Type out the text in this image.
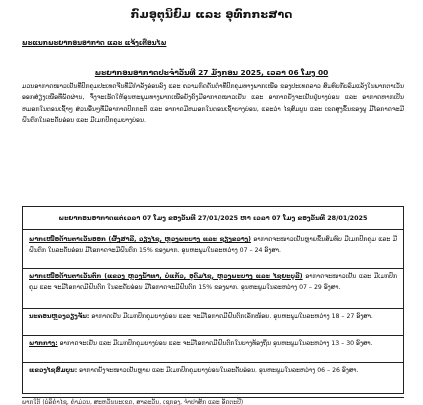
ກົມອຸຕຸນິຍົມ ແລະ ອຸທົກກະສາດ
ພະແນກພະຍາກອນອາກາດ ແລະ ແຈ້ງເຕືອນໄພ
ພະຍາກອນອາກາດປະຈຳວັນທີ 27 ມັງກອນ 2025, ເວລາ 06 ໂມງ 00
ມວນອາກາດໜາວເຢັນທີ່ປົກຄຸມປະເທດຈີນທີ່ມີກຳລັງອ່ອນລົງ ແລະ ຄວາມກົດດັນຕ່ຳທີ່ປົກຄຸມທາງພາກເໜືອ ຂອງປະເທດລາວ ສົມທົບກັບລົມແລ້ງໃນພາກຕາເວັນອອກສ່ຽງເໜືອທີ່ພັດຜ່ານ, ຈຶ່ງຈະເຮັດໃຫ້ອຸນຫະພູມທາງພາກເໜືອຍັງຄົງມີອາກາດໜາວເຢັນ ແລະ ອາກາດຍັງຈະເຢັນຢູ່ບາງບ່ອນ ແລະ ອາກາດຫາກເປັນຫມອກໃນຕອນເຊົ້າໆ ສ່ວນອື່ນໆທີ່ມີອາກາດປົກກະຕິ ແລະ ອາກາດມີຫມອກໃນຕອນເຊົ້າບາງບ່ອນ, ແລະວ່າ ໄຊສົມບູນ ແລະ ເຂດສູງຂຶ້ນຂອງພູ ມີໂອກາດຈະມີຝົນຕົກໃນລະດັບອ່ອນ ແລະ ມີເມກປົກຄຸມບາງບ່ອນ.
ພະຍາກອນອາກາດແຕ່ເວລາ 07 ໂມງ ຂອງວັນທີ 27/01/2025 ຫາ ເວລາ 07 ໂມງ ຂອງວັນທີ 28/01/2025
ພາກເໜືອດ້ານຕາເວັນອອກ (ຜົ້ງສາລີ, ວຽງໄຊ, ຫຼວງພະບາງ ແລະ ຊຽງຂວາງ) ອາກາດຈະໜາວເຢັນຫຼາຍຂຶ້ນສົມທົບ ມີເມກປົກຄຸມ ແລະ ມີຝົນຕົກ ໃນລະດັບອ່ອນ ມີໂອກາດຈະມີຝົນຕົກ 15% ຂອງພາກ. ອຸນຫະພູມໃນລະຫວ່າງ 07 – 24 ອົງສາ.
ພາກເໜືອດ້ານຕາເວັນຕົກ (ແຂວງ ຫຼວງນ້ຳທາ, ບໍ່ແກ້ວ, ອຸດົມໄຊ, ຫຼວງພະບາງ ແລະ ໄຊຍະບູລີ) ອາກາດຈະໜາວເຢັນ ແລະ ມີເມກປົກຄຸມ ແລະ ຈະມີໂອກາດມີຝົນຕົກ ໃນລະດັບອ່ອນ ມີໂອກາດຈະມີຝົນຕົກ 15% ຂອງພາກ. ອຸນຫະພູມໃນລະຫວ່າງ 07 – 29 ອົງສາ.
ນະຄອນຫຼວງວຽງຈັນ: ອາກາດເຢັນ ມີເມກປົກຄຸມບາງບ່ອນ ແລະ ຈະມີໂອກາດມີຝົນຕົກເລັກໜ້ອຍ. ອຸນຫະພູມໃນລະຫວ່າງ 18 – 27 ອົງສາ.
ພາກກາງ: ອາກາດຈະເຢັນ ແລະ ມີເມກປົກຄຸມບາງບ່ອນ ແລະ ຈະມີໂອກາດມີຝົນຕົກໃນບາງທ້ອງຖິ່ນ ອຸນຫະພູມໃນລະຫວ່າງ 13 – 30 ອົງສາ.
ແຂວງໄຊສົມບູນ: ອາກາດຍັງຈະໜາວເຢັນຫຼາຍ ແລະ ມີເມກປົກຄຸມບາງບ່ອນໃນລະດັບອ່ອນ. ອຸນຫະພູມໃນລະຫວ່າງ 06 – 26 ອົງສາ.
ພາກໃຕ້ (ບໍລິຄຳໄຊ, ຄຳມ່ວນ, ສະຫວັນນະເຂດ, ສາລະວັນ, ເຊກອງ, ຈຳປາສັກ ແລະ ອັດຕະປື)
